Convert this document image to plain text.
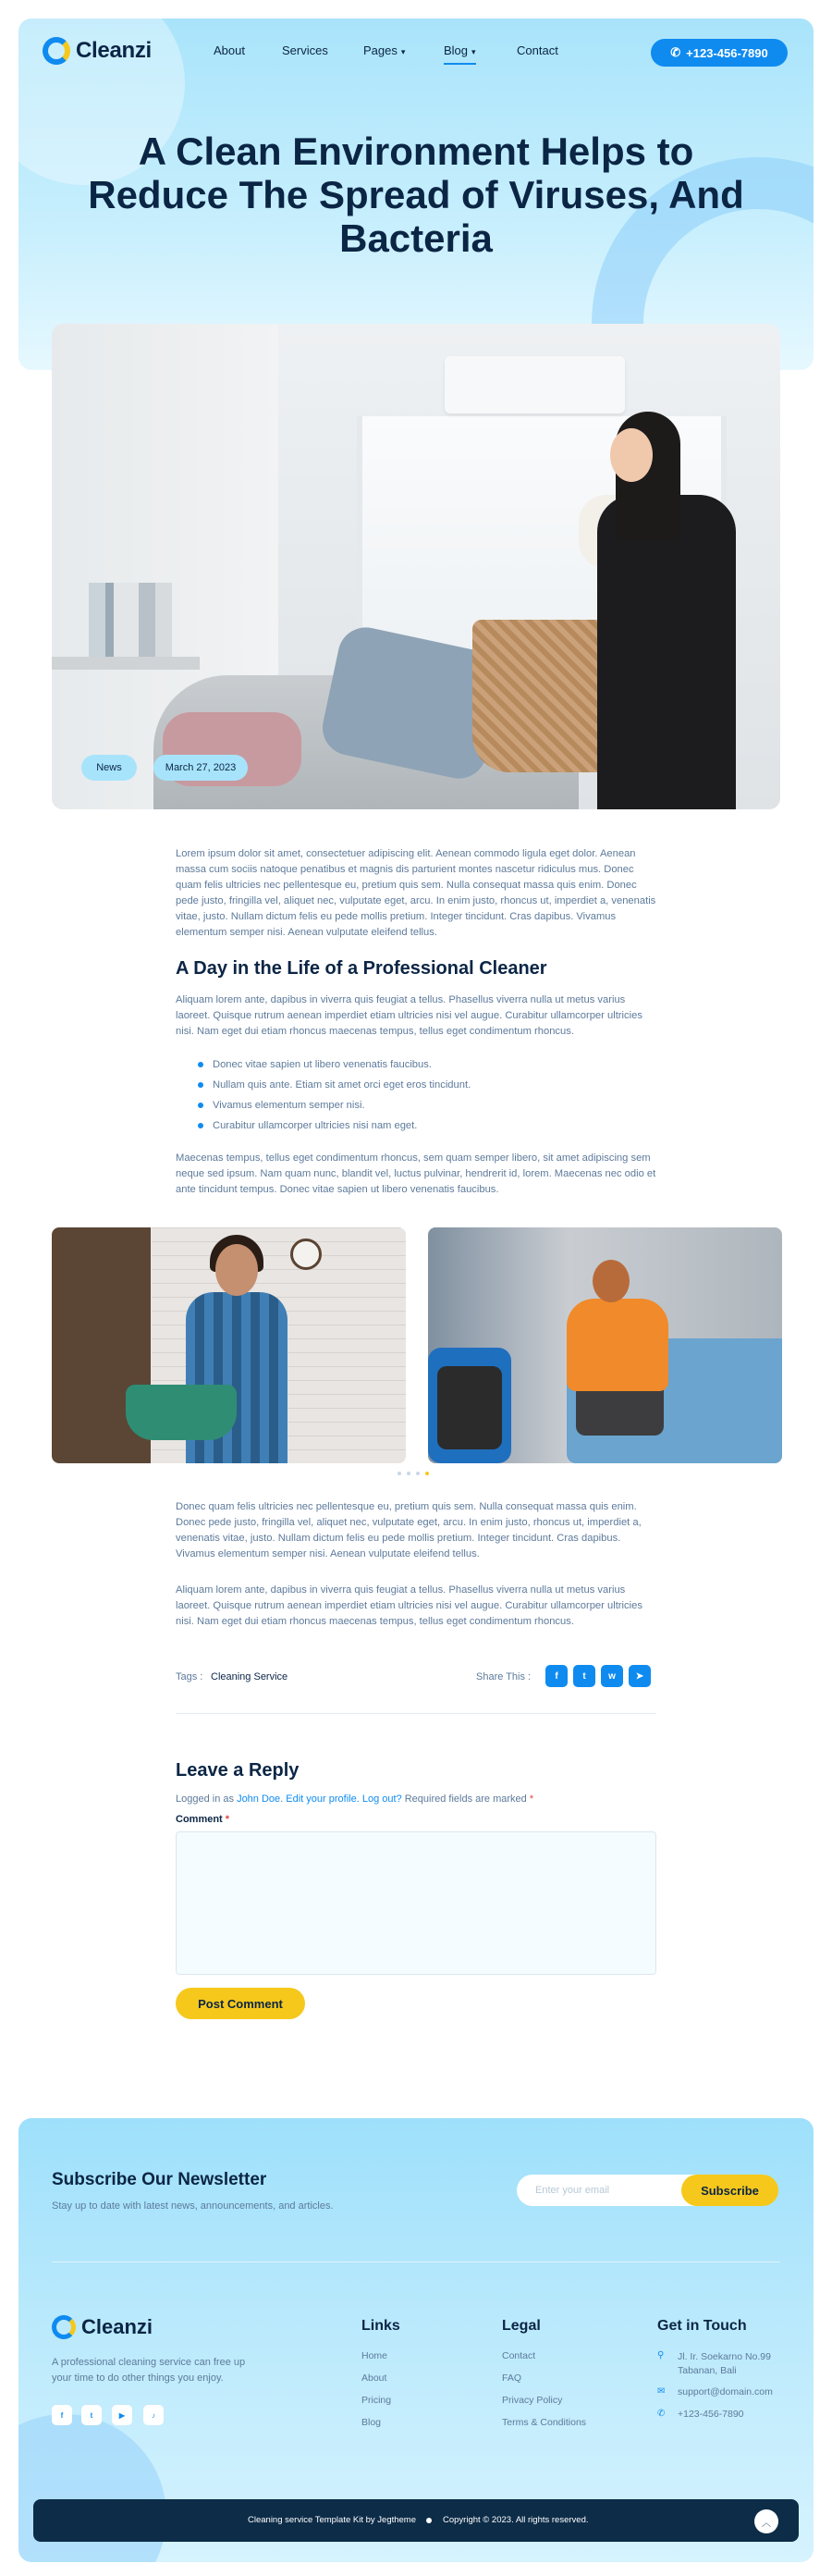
Cleanzi	About	Services	Pages ▾	Blog ▾	Contact	✆ +123-456-7890
A Clean Environment Helps to Reduce The Spread of Viruses, And Bacteria
News	March 27, 2023

Lorem ipsum dolor sit amet, consectetuer adipiscing elit. Aenean commodo ligula eget dolor. Aenean massa cum sociis natoque penatibus et magnis dis parturient montes nascetur ridiculus mus. Donec quam felis ultricies nec pellentesque eu, pretium quis sem. Nulla consequat massa quis enim. Donec pede justo, fringilla vel, aliquet nec, vulputate eget, arcu. In enim justo, rhoncus ut, imperdiet a, venenatis vitae, justo. Nullam dictum felis eu pede mollis pretium. Integer tincidunt. Cras dapibus. Vivamus elementum semper nisi. Aenean vulputate eleifend tellus.

A Day in the Life of a Professional Cleaner

Aliquam lorem ante, dapibus in viverra quis feugiat a tellus. Phasellus viverra nulla ut metus varius laoreet. Quisque rutrum aenean imperdiet etiam ultricies nisi vel augue. Curabitur ullamcorper ultricies nisi. Nam eget dui etiam rhoncus maecenas tempus, tellus eget condimentum rhoncus.

Donec vitae sapien ut libero venenatis faucibus.
Nullam quis ante. Etiam sit amet orci eget eros tincidunt.
Vivamus elementum semper nisi.
Curabitur ullamcorper ultricies nisi nam eget.

Maecenas tempus, tellus eget condimentum rhoncus, sem quam semper libero, sit amet adipiscing sem neque sed ipsum. Nam quam nunc, blandit vel, luctus pulvinar, hendrerit id, lorem. Maecenas nec odio et ante tincidunt tempus. Donec vitae sapien ut libero venenatis faucibus.

Donec quam felis ultricies nec pellentesque eu, pretium quis sem. Nulla consequat massa quis enim. Donec pede justo, fringilla vel, aliquet nec, vulputate eget, arcu. In enim justo, rhoncus ut, imperdiet a, venenatis vitae, justo. Nullam dictum felis eu pede mollis pretium. Integer tincidunt. Cras dapibus. Vivamus elementum semper nisi. Aenean vulputate eleifend tellus.

Aliquam lorem ante, dapibus in viverra quis feugiat a tellus. Phasellus viverra nulla ut metus varius laoreet. Quisque rutrum aenean imperdiet etiam ultricies nisi vel augue. Curabitur ullamcorper ultricies nisi. Nam eget dui etiam rhoncus maecenas tempus, tellus eget condimentum rhoncus.

Tags : Cleaning Service	Share This :	f	t	w	➤
Leave a Reply
Logged in as John Doe. Edit your profile. Log out? Required fields are marked *
Comment *
Post Comment
Subscribe Our Newsletter

Stay up to date with latest news, announcements, and articles.

Enter your email	Subscribe
Cleanzi

A professional cleaning service can free up your time to do other things you enjoy.

f	t	▶	♪
Links
Home
About
Pricing
Blog
Legal
Contact
FAQ
Privacy Policy
Terms & Conditions
Get in Touch
⚲ Jl. Ir. Soekarno No.99 Tabanan, Bali

✉ support@domain.com
✆ +123-456-7890
Cleaning service Template Kit by Jegtheme	Copyright © 2023. All rights reserved.	︿
